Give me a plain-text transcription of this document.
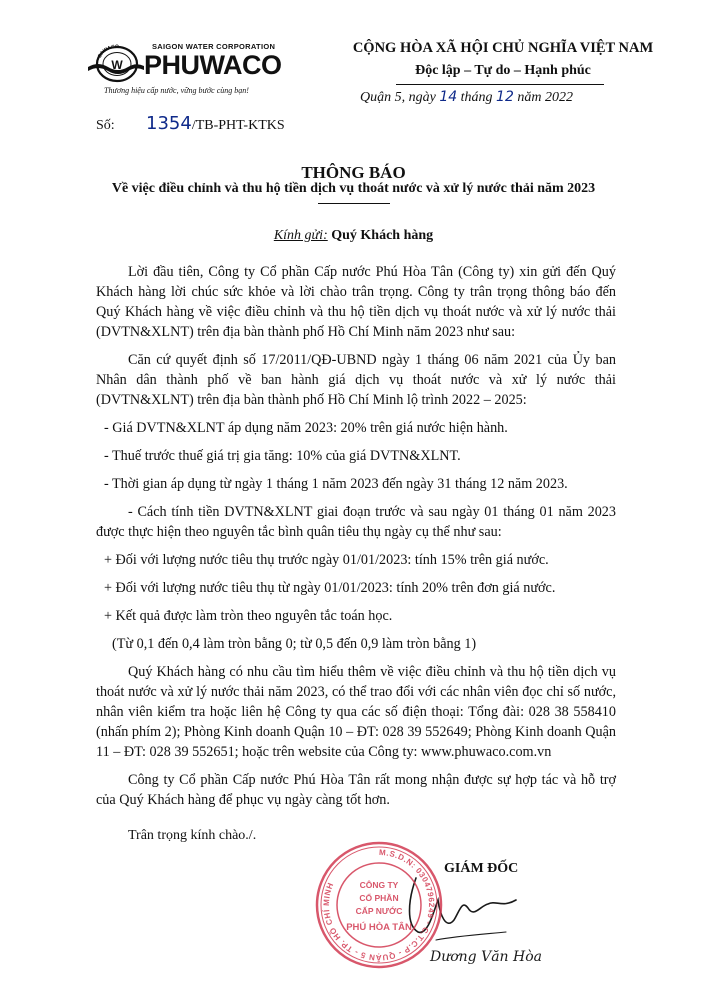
SAWACO
W
SAIGON WATER CORPORATION
PHUWACO
Thương hiệu cấp nước, vững bước cùng bạn!
CỘNG HÒA XÃ HỘI CHỦ NGHĨA VIỆT NAM
Độc lập – Tự do – Hạnh phúc
Quận 5, ngày 14 tháng 12 năm 2022
Số: 1354/TB-PHT-KTKS
THÔNG BÁO
Về việc điều chỉnh và thu hộ tiền dịch vụ thoát nước và xử lý nước thải năm 2023
Kính gửi: Quý Khách hàng

Lời đầu tiên, Công ty Cổ phần Cấp nước Phú Hòa Tân (Công ty) xin gửi đến Quý Khách hàng lời chúc sức khỏe và lời chào trân trọng. Công ty trân trọng thông báo đến Quý Khách hàng về việc điều chỉnh và thu hộ tiền dịch vụ thoát nước và xử lý nước thải (DVTN&XLNT) trên địa bàn thành phố Hồ Chí Minh năm 2023 như sau:

Căn cứ quyết định số 17/2011/QĐ-UBND ngày 1 tháng 06 năm 2021 của Ủy ban Nhân dân thành phố về ban hành giá dịch vụ thoát nước và xử lý nước thải (DVTN&XLNT) trên địa bàn thành phố Hồ Chí Minh lộ trình 2022 – 2025:

- Giá DVTN&XLNT áp dụng năm 2023: 20% trên giá nước hiện hành.

- Thuế trước thuế giá trị gia tăng: 10% của giá DVTN&XLNT.

- Thời gian áp dụng từ ngày 1 tháng 1 năm 2023 đến ngày 31 tháng 12 năm 2023.

- Cách tính tiền DVTN&XLNT giai đoạn trước và sau ngày 01 tháng 01 năm 2023 được thực hiện theo nguyên tắc bình quân tiêu thụ ngày cụ thể như sau:

+ Đối với lượng nước tiêu thụ trước ngày 01/01/2023: tính 15% trên giá nước.

+ Đối với lượng nước tiêu thụ từ ngày 01/01/2023: tính 20% trên đơn giá nước.

+ Kết quả được làm tròn theo nguyên tắc toán học.

(Từ 0,1 đến 0,4 làm tròn bằng 0; từ 0,5 đến 0,9 làm tròn bằng 1)

Quý Khách hàng có nhu cầu tìm hiểu thêm về việc điều chỉnh và thu hộ tiền dịch vụ thoát nước và xử lý nước thải năm 2023, có thể trao đổi với các nhân viên đọc chỉ số nước, nhân viên kiểm tra hoặc liên hệ Công ty qua các số điện thoại: Tổng đài: 028 38 558410 (nhấn phím 2); Phòng Kinh doanh Quận 10 – ĐT: 028 39 552649; Phòng Kinh doanh Quận 11 – ĐT: 028 39 552651; hoặc trên website của Công ty: www.phuwaco.com.vn

Công ty Cổ phần Cấp nước Phú Hòa Tân rất mong nhận được sự hợp tác và hỗ trợ của Quý Khách hàng để phục vụ ngày càng tốt hơn.

Trân trọng kính chào./.
GIÁM ĐỐC
Dương Văn Hòa
M.S.D.N: 0304796249 - C.T.C.P - QUẬN 5 - TP. HỒ CHÍ MINH	CÔNG TY
CỔ PHẦN
CẤP NƯỚC
PHÚ HÒA TÂN
